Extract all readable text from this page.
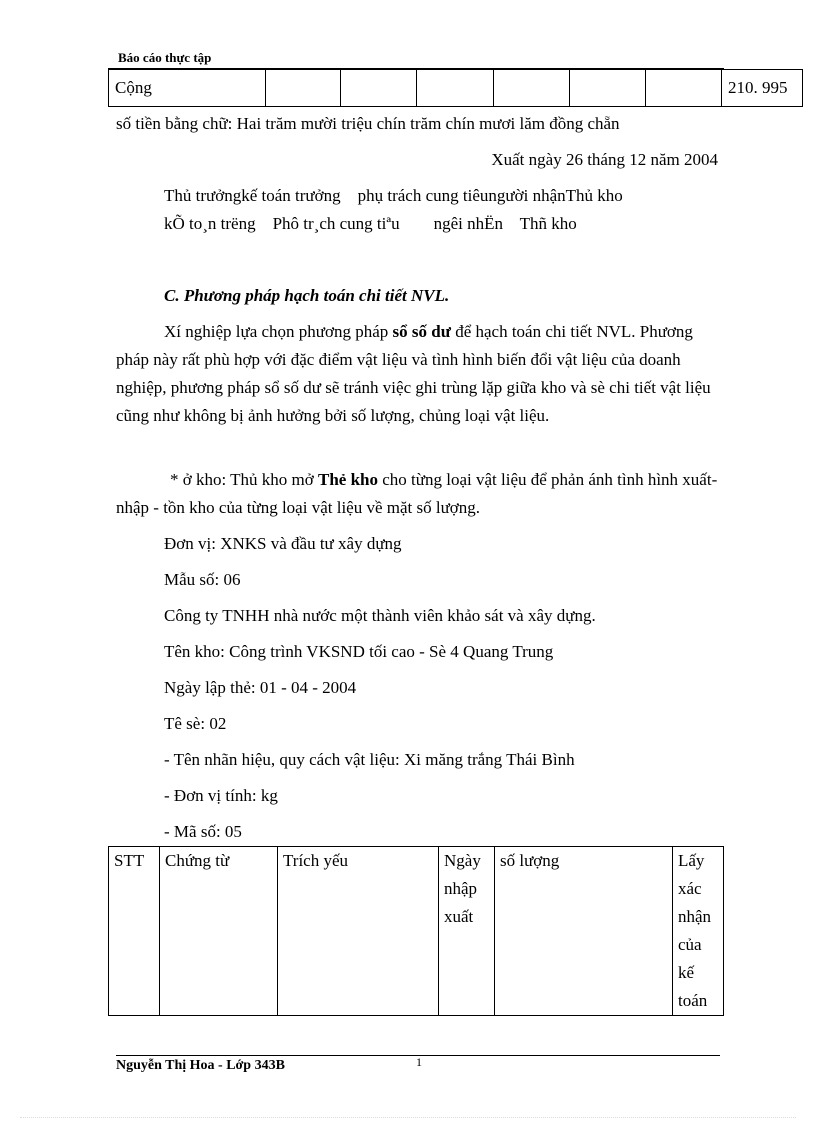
Báo cáo thực tập
Cộng							210. 995
số tiền bằng chữ: Hai trăm mười triệu chín trăm chín mươi lăm đồng chẵn
Xuất ngày 26 tháng 12 năm 2004
Thủ trưởngkế toán trưởng    phụ trách cung tiêungười nhậnThủ kho
kÕ to¸n trëng    Phô tr¸ch cung tiªu        ngêi nhËn    Thñ kho
C. Phương pháp hạch toán chi tiết NVL.

Xí nghiệp lựa chọn phương pháp sổ số dư để hạch toán chi tiết NVL. Phương pháp này rất phù hợp với đặc điểm vật liệu và tình hình biến đổi vật liệu của doanh nghiệp, phương pháp sổ số dư sẽ tránh việc ghi trùng lặp giữa kho và sè chi tiết vật liệu cũng như không bị ảnh hưởng bởi số lượng, chủng loại vật liệu.

* ở kho: Thủ kho mở Thẻ kho cho từng loại vật liệu để phản ánh tình hình xuất- nhập - tồn kho của từng loại vật liệu về mặt số lượng.

Đơn vị: XNKS và đầu tư xây dựng
Mẫu số: 06
Công ty TNHH nhà nước một thành viên khảo sát và xây dựng.
Tên kho: Công trình VKSND tối cao - Sè 4 Quang Trung
Ngày lập thẻ: 01 - 04 - 2004
Tê sè: 02
- Tên nhãn hiệu, quy cách vật liệu: Xi măng trắng Thái Bình
- Đơn vị tính: kg
- Mã số: 05
STT	Chứng từ	Trích yếu	Ngày nhập xuất	số lượng	Lấy xác nhận của kế toán
Nguyễn Thị Hoa - Lớp 343B	1
